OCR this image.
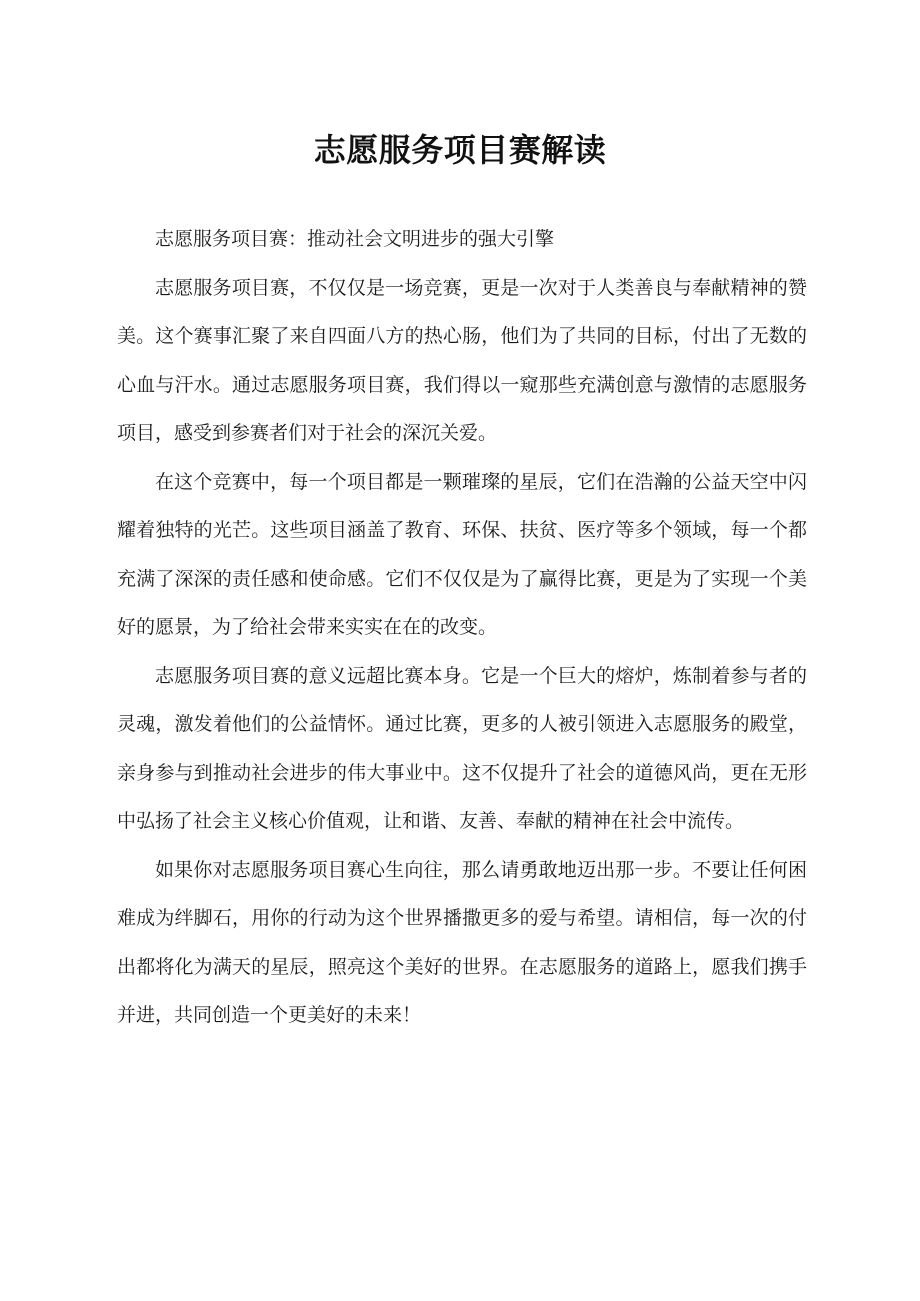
志愿服务项目赛解读

志愿服务项目赛：推动社会文明进步的强大引擎

志愿服务项目赛，不仅仅是一场竞赛，更是一次对于人类善良与奉献精神的赞美。这个赛事汇聚了来自四面八方的热心肠，他们为了共同的目标，付出了无数的心血与汗水。通过志愿服务项目赛，我们得以一窥那些充满创意与激情的志愿服务项目，感受到参赛者们对于社会的深沉关爱。

在这个竞赛中，每一个项目都是一颗璀璨的星辰，它们在浩瀚的公益天空中闪耀着独特的光芒。这些项目涵盖了教育、环保、扶贫、医疗等多个领域，每一个都充满了深深的责任感和使命感。它们不仅仅是为了赢得比赛，更是为了实现一个美好的愿景，为了给社会带来实实在在的改变。

志愿服务项目赛的意义远超比赛本身。它是一个巨大的熔炉，炼制着参与者的灵魂，激发着他们的公益情怀。通过比赛，更多的人被引领进入志愿服务的殿堂，亲身参与到推动社会进步的伟大事业中。这不仅提升了社会的道德风尚，更在无形中弘扬了社会主义核心价值观，让和谐、友善、奉献的精神在社会中流传。

如果你对志愿服务项目赛心生向往，那么请勇敢地迈出那一步。不要让任何困难成为绊脚石，用你的行动为这个世界播撒更多的爱与希望。请相信，每一次的付出都将化为满天的星辰，照亮这个美好的世界。在志愿服务的道路上，愿我们携手并进，共同创造一个更美好的未来！
